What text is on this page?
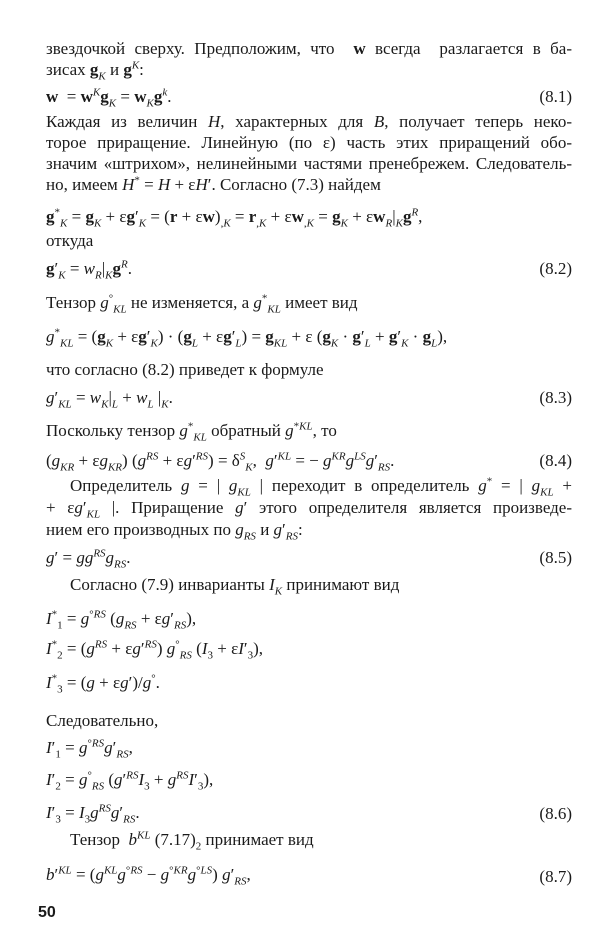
звездочкой сверху. Предположим, что  w всегда  разлагается в ба-
зисах $g_K$ и $g^K$:
$w = w^Kg_K = w_Kg^k$.	(8.1)
Каждая из величин H, характерных для B, получает теперь неко-
торое приращение. Линейную (по ε) часть этих приращений обо-
значим «штрихом», нелинейными частями пренебрежем. Следователь-
но, имеем H* = H + εH′. Согласно (7.3) найдем
$g^*_K = g_K + \varepsilon g'_K = (r + \varepsilon w)_{,K} = r_{,K} + \varepsilon w_{,K} = g_K + \varepsilon w_R|_Kg^R$,
откуда
$g'_K = w_R|_Kg^R$.	(8.2)
Тензор $g^\circ_{KL}$ не изменяется, а $g^*_{KL}$ имеет вид
$g^*_{KL} = (g_K + \varepsilon g'_K) \cdot (g_L + \varepsilon g'_L) = g_{KL} + \varepsilon$ $(g_K \cdot g'_L + g'_K \cdot g_L)$,
что согласно (8.2) приведет к формуле
$g'_{KL} = w_K|_L + w_L$ $|_K$.	(8.3)
Поскольку тензор $g^*_{KL}$ обратный $g^{*KL}$, то
$(g_{KR} + \varepsilon g_{KR}) (g^{RS} + \varepsilon g'^{RS}) = \delta^S_K$,  $g'^{KL}$ = − $g^{KR}g^{LS}g'_{RS}$.	(8.4)
Определитель g = | $g_{KL}$ | переходит в определитель g* = | $g_{KL}$ +
+ $\varepsilon g'_{KL}$ |. Приращение g′ этого определителя является произведе-
нием его производных по $g_{RS}$ и $g'_{RS}$:
$g' = gg^{RS}g_{RS}$.	(8.5)
Согласно (7.9) инварианты $I_K$ принимают вид
$I^*_1 = g^{^\circ RS}$ $(g_{RS} + \varepsilon g'_{RS})$,
$I^*_2 = (g^{RS} + \varepsilon g'^{RS})$ $g^\circ_{RS}$ $(I_3 + \varepsilon I'_3)$,
$I^*_3 = (g + \varepsilon g')/g^\circ$.
Следовательно,
$I'_1 = g^{^\circ RS}g'_{RS}$,
$I'_2 = g^\circ_{RS}$ $(g'^{RS}I_3 + g^{RS}I'_3)$,
$I'_3 = I_3g^{RS}g'_{RS}$.	(8.6)
Тензор  $b^{KL}$ $(7.17)_2$ принимает вид
$b'^{KL} = (g^{KL}g^{^\circ RS} - g^{^\circ KR}g^{^\circ LS})$ $g'_{RS}$,	(8.7)
50
